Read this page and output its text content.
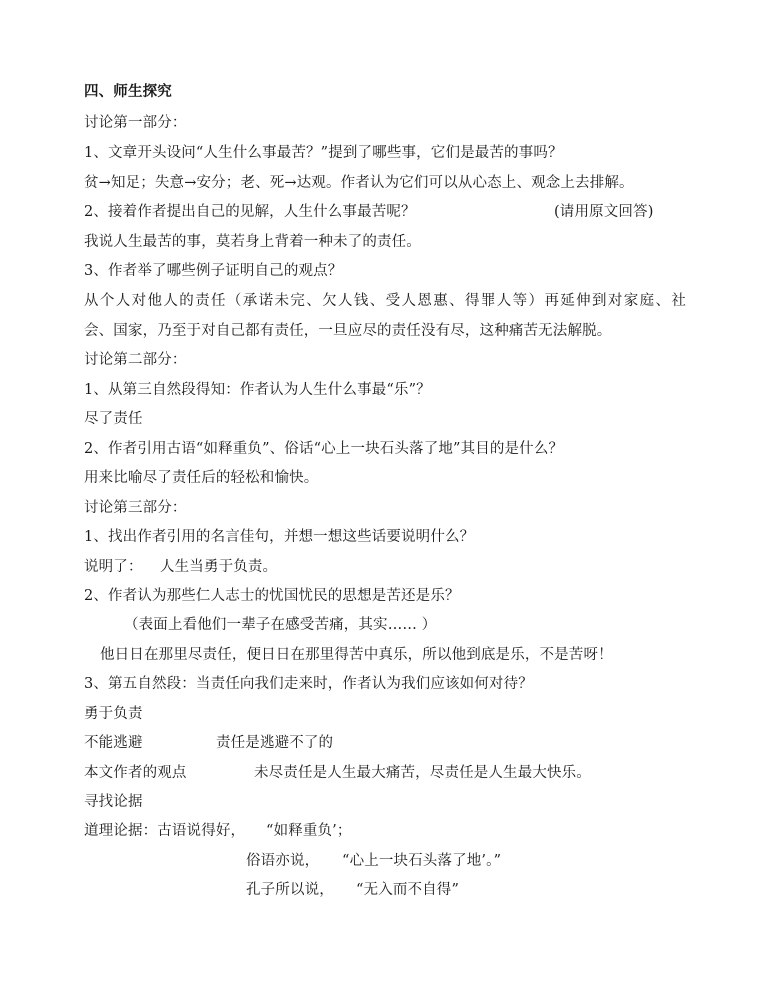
四、师生探究

讨论第一部分：

1、文章开头设问“人生什么事最苦？”提到了哪些事，它们是最苦的事吗？

贫→知足；失意→安分；老、死→达观。作者认为它们可以从心态上、观念上去排解。

2、接着作者提出自己的见解，人生什么事最苦呢？	(请用原文回答)

我说人生最苦的事，莫若身上背着一种未了的责任。

3、作者举了哪些例子证明自己的观点？

从个人对他人的责任（承诺未完、欠人钱、受人恩惠、得罪人等）再延伸到对家庭、社

会、国家，乃至于对自己都有责任，一旦应尽的责任没有尽，这种痛苦无法解脱。

讨论第二部分：

1、从第三自然段得知：作者认为人生什么事最“乐”？

尽了责任

2、作者引用古语“如释重负”、俗话“心上一块石头落了地”其目的是什么？

用来比喻尽了责任后的轻松和愉快。

讨论第三部分：

1、找出作者引用的名言佳句，并想一想这些话要说明什么？

说明了： 人生当勇于负责。

2、作者认为那些仁人志士的忧国忧民的思想是苦还是乐？

（表面上看他们一辈子在感受苦痛，其实…… ）

他日日在那里尽责任，便日日在那里得苦中真乐，所以他到底是乐，不是苦呀！

3、第五自然段：当责任向我们走来时，作者认为我们应该如何对待？

勇于负责

不能逃避	责任是逃避不了的

本文作者的观点	未尽责任是人生最大痛苦，尽责任是人生最大快乐。

寻找论据

道理论据：古语说得好， “如释重负’；

俗语亦说， “心上一块石头落了地’。”

孔子所以说， “无入而不自得”
